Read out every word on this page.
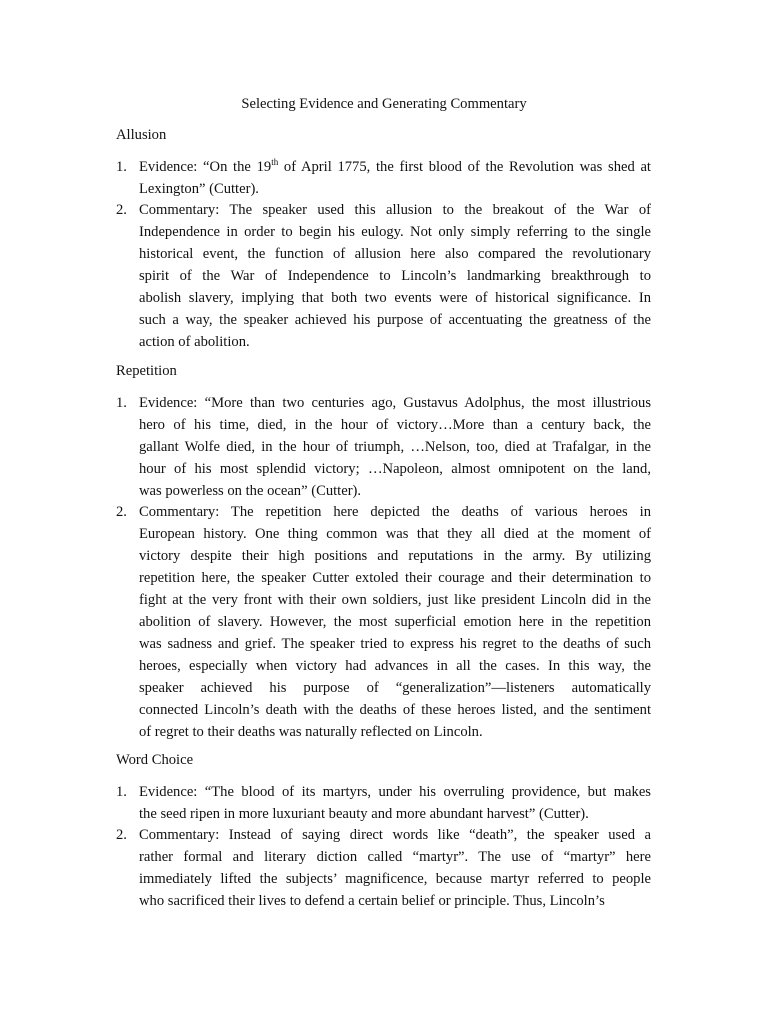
Selecting Evidence and Generating Commentary
Allusion
1. Evidence: “On the 19th of April 1775, the first blood of the Revolution was shed at
Lexington” (Cutter).
2. Commentary: The speaker used this allusion to the breakout of the War of
Independence in order to begin his eulogy. Not only simply referring to the single
historical event, the function of allusion here also compared the revolutionary
spirit of the War of Independence to Lincoln’s landmarking breakthrough to
abolish slavery, implying that both two events were of historical significance. In
such a way, the speaker achieved his purpose of accentuating the greatness of the
action of abolition.
Repetition
1. Evidence: “More than two centuries ago, Gustavus Adolphus, the most illustrious
hero of his time, died, in the hour of victory…More than a century back, the
gallant Wolfe died, in the hour of triumph, …Nelson, too, died at Trafalgar, in the
hour of his most splendid victory; …Napoleon, almost omnipotent on the land,
was powerless on the ocean” (Cutter).
2. Commentary: The repetition here depicted the deaths of various heroes in
European history. One thing common was that they all died at the moment of
victory despite their high positions and reputations in the army. By utilizing
repetition here, the speaker Cutter extoled their courage and their determination to
fight at the very front with their own soldiers, just like president Lincoln did in the
abolition of slavery. However, the most superficial emotion here in the repetition
was sadness and grief. The speaker tried to express his regret to the deaths of such
heroes, especially when victory had advances in all the cases. In this way, the
speaker achieved his purpose of “generalization”—listeners automatically
connected Lincoln’s death with the deaths of these heroes listed, and the sentiment
of regret to their deaths was naturally reflected on Lincoln.
Word Choice
1. Evidence: “The blood of its martyrs, under his overruling providence, but makes
the seed ripen in more luxuriant beauty and more abundant harvest” (Cutter).
2. Commentary: Instead of saying direct words like “death”, the speaker used a
rather formal and literary diction called “martyr”. The use of “martyr” here
immediately lifted the subjects’ magnificence, because martyr referred to people
who sacrificed their lives to defend a certain belief or principle. Thus, Lincoln’s
